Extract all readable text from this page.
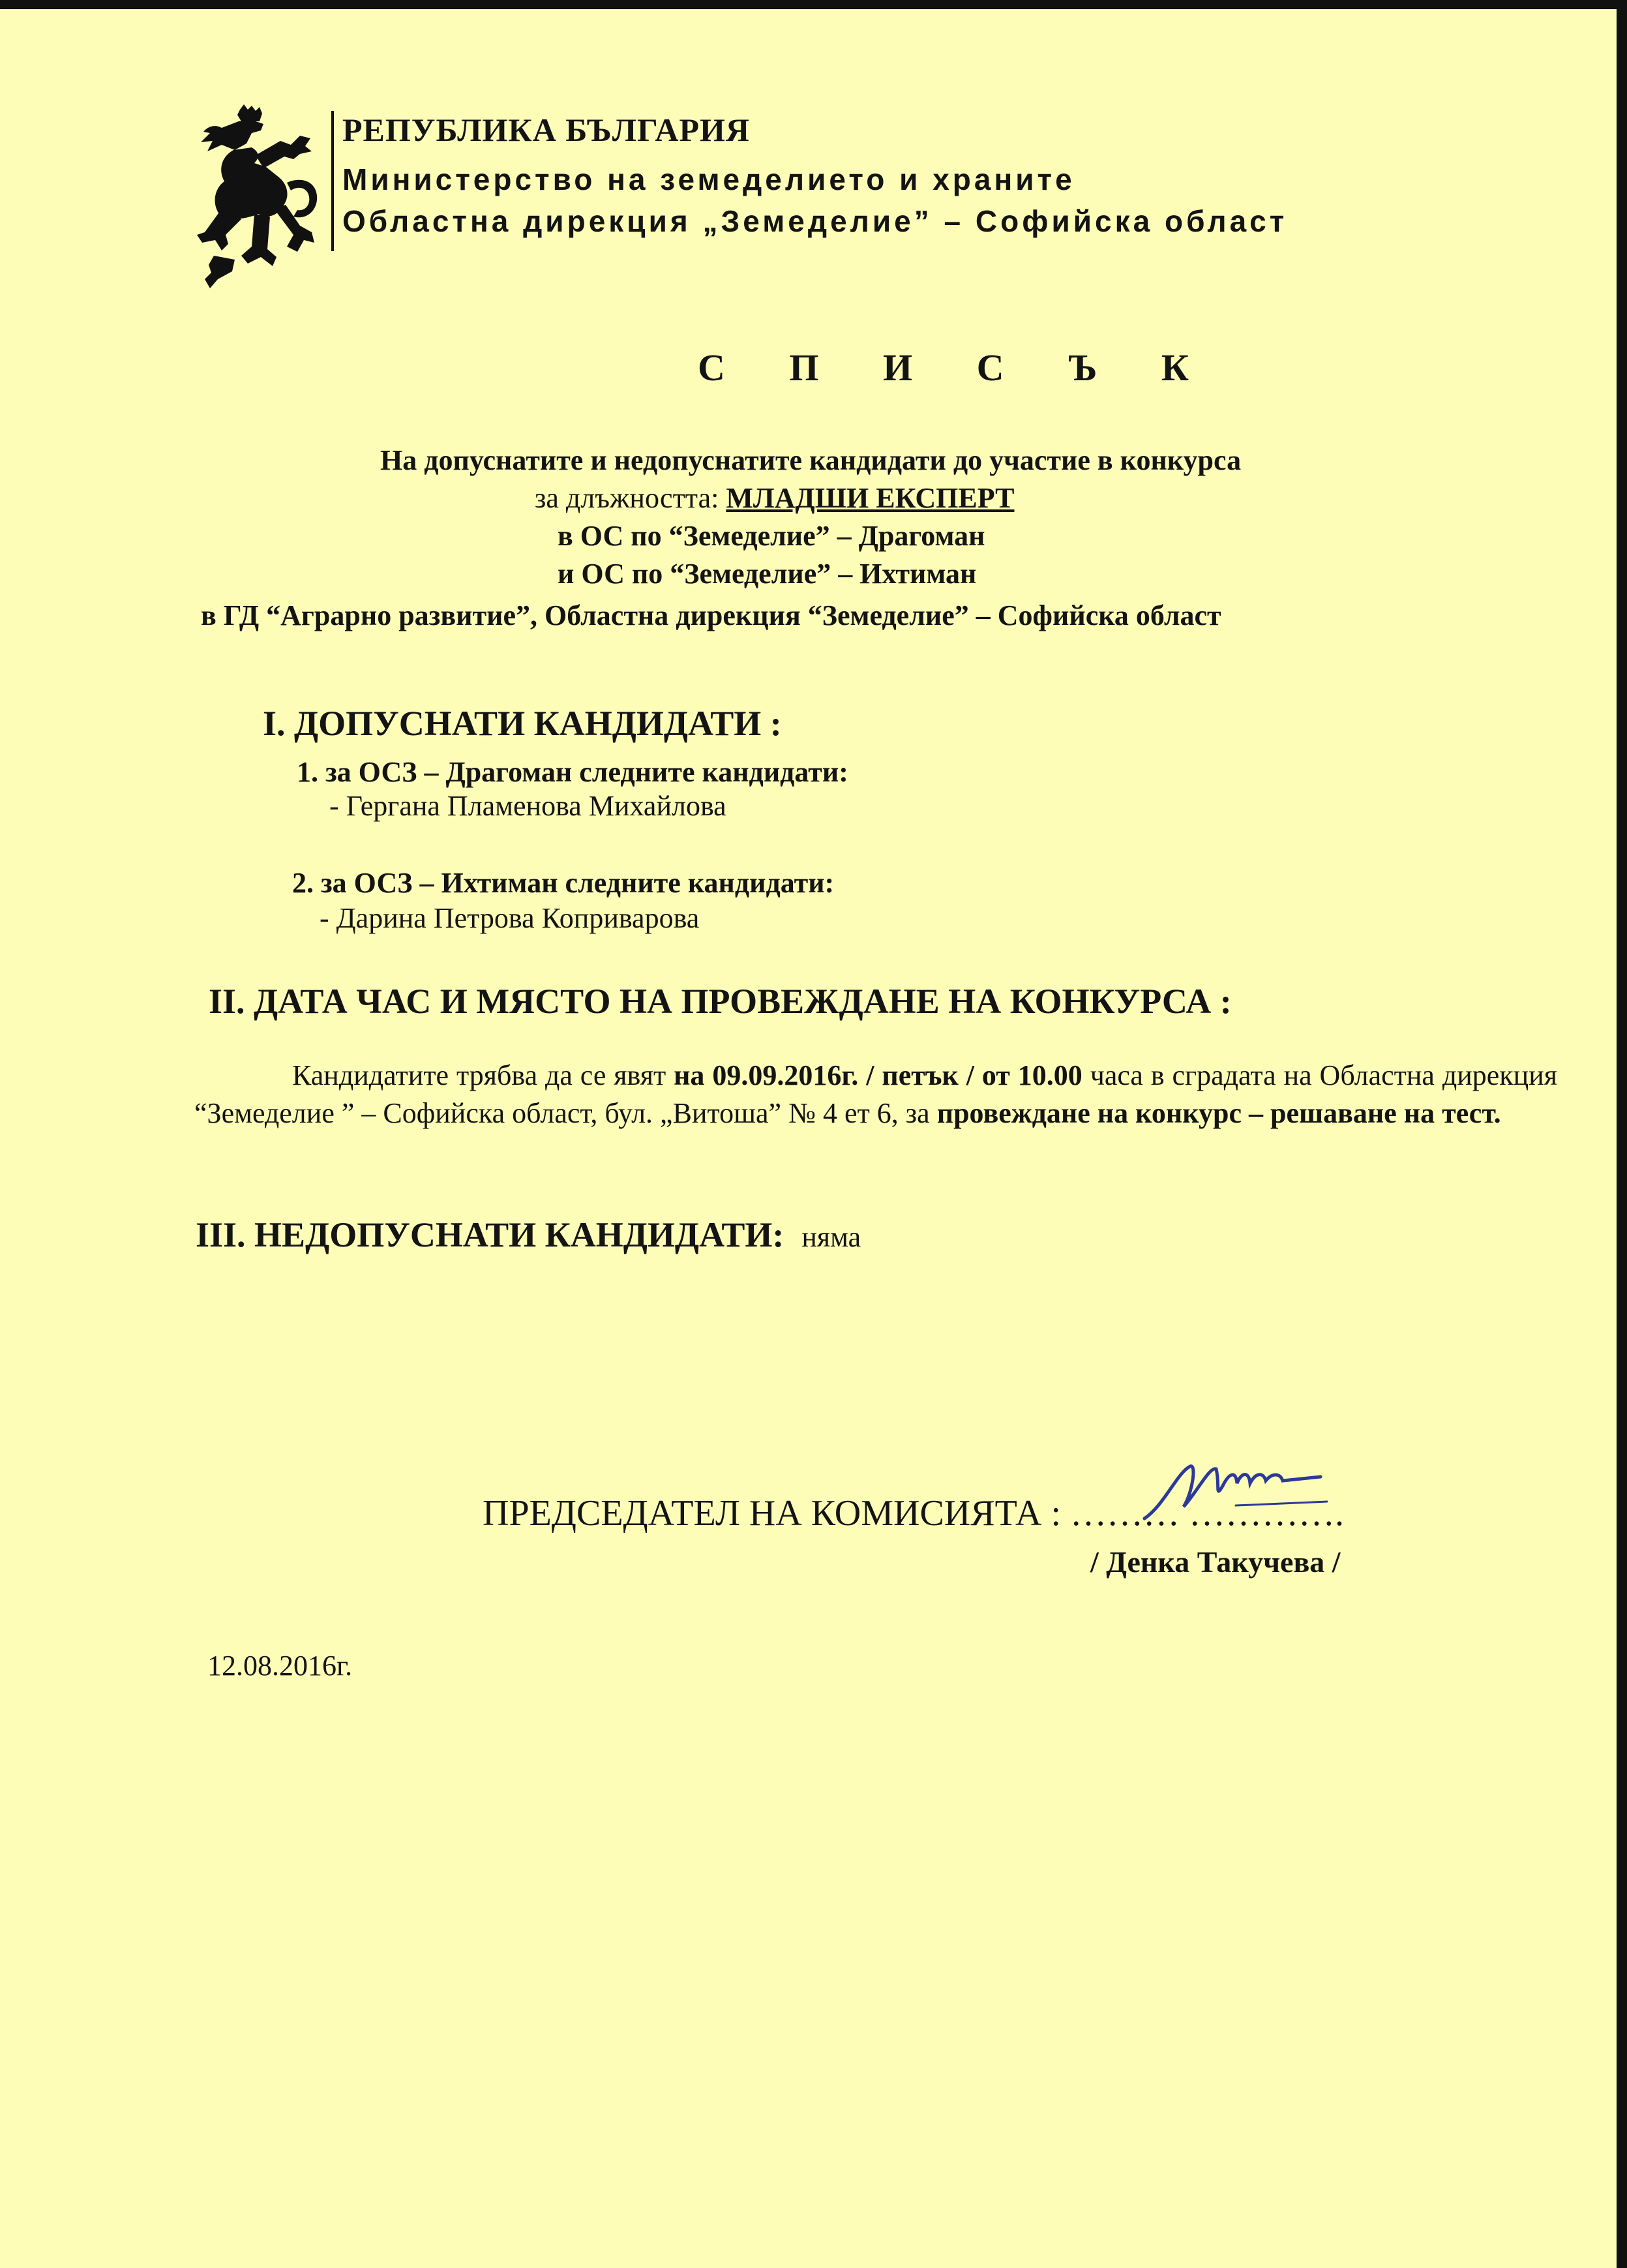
РЕПУБЛИКА БЪЛГАРИЯ
Министерство на земеделието и храните
Областна дирекция „Земеделие” – Софийска област
С П И С Ъ К
На допуснатите и недопуснатите кандидати до участие в конкурса
за длъжността: МЛАДШИ ЕКСПЕРТ
в ОС по “Земеделие” – Драгоман
и ОС по “Земеделие” – Ихтиман
в ГД “Аграрно развитие”, Областна дирекция “Земеделие” – Софийска област
I. ДОПУСНАТИ КАНДИДАТИ :
1. за ОСЗ – Драгоман следните кандидати:
- Гергана Пламенова Михайлова
2. за ОСЗ – Ихтиман следните кандидати:
- Дарина Петрова Коприварова
II. ДАТА ЧАС И МЯСТО НА ПРОВЕЖДАНЕ НА КОНКУРСА :
Кандидатите трябва да се явят на 09.09.2016г. / петък / от 10.00 часа в сградата на Областна дирекция “Земеделие ” – Софийска област, бул. „Витоша” № 4 ет 6, за провеждане на конкурс – решаване на тест.
III. НЕДОПУСНАТИ КАНДИДАТИ: няма
ПРЕДСЕДАТЕЛ НА КОМИСИЯТА : ……… ………….
/ Денка Такучева /
12.08.2016г.
